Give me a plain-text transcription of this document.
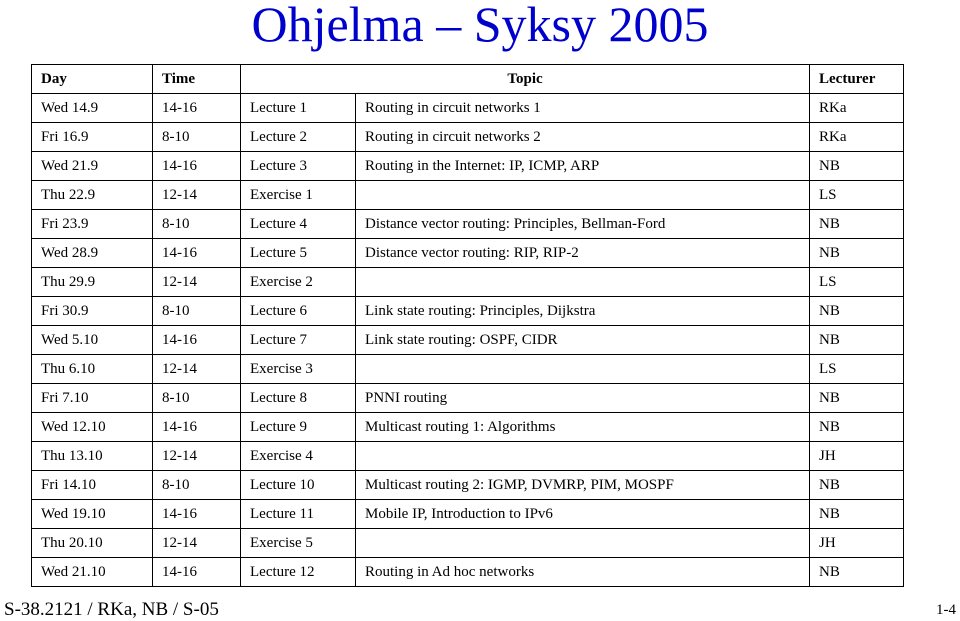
Ohjelma – Syksy 2005
Day	Time	Topic		Lecturer
Wed 14.9	14-16	Lecture 1	Routing in circuit networks 1	RKa
Fri 16.9	8-10	Lecture 2	Routing in circuit networks 2	RKa
Wed 21.9	14-16	Lecture 3	Routing in the Internet: IP, ICMP, ARP	NB
Thu 22.9	12-14	Exercise 1		LS
Fri 23.9	8-10	Lecture 4	Distance vector routing: Principles, Bellman-Ford	NB
Wed 28.9	14-16	Lecture 5	Distance vector routing: RIP, RIP-2	NB
Thu 29.9	12-14	Exercise 2		LS
Fri 30.9	8-10	Lecture 6	Link state routing: Principles, Dijkstra	NB
Wed 5.10	14-16	Lecture 7	Link state routing: OSPF, CIDR	NB
Thu 6.10	12-14	Exercise 3		LS
Fri 7.10	8-10	Lecture 8	PNNI routing	NB
Wed 12.10	14-16	Lecture 9	Multicast routing 1: Algorithms	NB
Thu 13.10	12-14	Exercise 4		JH
Fri 14.10	8-10	Lecture 10	Multicast routing 2: IGMP, DVMRP, PIM, MOSPF	NB
Wed 19.10	14-16	Lecture 11	Mobile IP, Introduction to IPv6	NB
Thu 20.10	12-14	Exercise 5		JH
Wed 21.10	14-16	Lecture 12	Routing in Ad hoc networks	NB
S-38.2121 / RKa, NB / S-05	1-4
